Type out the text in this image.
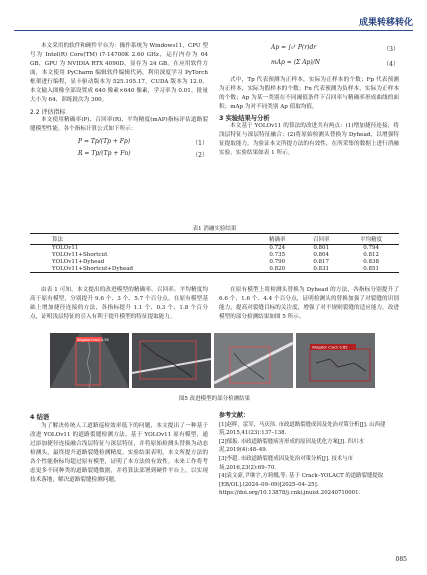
成果转移转化

本文采用的软件和硬件平台为：操作系统为 Windows11，CPU 型号为 Intel(R) Core(TM) i7-14700K 2.60 GHz，运行内存为 64 GB，GPU 为 NVIDIA RTX 4090D，显存为 24 GB。在应用软件方面，本文使用 PyCharm 编辑软件编辑代码，利用深度学习 PyTorch 框架进行编程，显卡驱动版本为 525.105.17，CUDA 版本为 12.0。本文输入图像全部设置成 640 像素×640 像素，学习率为 0.01，批量大小为 64，训练批次为 300。

2.2 评估指标

本文使用精确率(P)、召回率(R)、平均精度(mAP)指标评估道路裂缝模型性能。各个指标计算公式如下所示：

P = Tp/(Tp + Fp)	（1）
R = Tp/(Tp + Fn)	（2）
Ap = ∫₀¹ P(r)dr	（3）
mAp = (Σ Ap)/N	（4）

式中，Tp 代表预测为正样本，实际为正样本的个数；Fp 代表预测为正样本，实际为假样本的个数；Fn 代表预测为负样本，实际为正样本的个数；Ap 为某一类别在不同阈值条件下召回率与精确率形成曲线的面积；mAp 为对不同类别 Ap 值取均值。

3 实验结果与分析

本文基于 YOLOv11 的算法的改进共有两点：(1)增加捷径连接，将浅层特征与深层特征融合；(2)将原始检测头替换为 Dyhead，以增强特征提取能力。为验证本文所提方法的有效性，在所采集的数据上进行消融实验。实验结果如表 1 所示。

表1 消融实验结果
算法	精确率	召回率	平均精度
YOLOv11	0.724	0.801	0.794
YOLOv11+Shortcut	0.735	0.804	0.812
YOLOv11+Dyhead	0.790	0.817	0.838
YOLOv11+Shortcut+Dyhead	0.820	0.831	0.851

由表 1 可知，本文提出的改进模型的精确率、召回率、平均精度均高于原有模型，分别提升 9.6 个、3 个、5.7 个百分点。在原有模型基础上增加捷径连接的方法，各指标提升 1.1 个、0.3 个、1.8 个百分点，证明浅层特征的引入有利于提升模型的特征提取能力。

在原有模型上将检测头替换为 Dyhead 的方法，各指标分别提升了 6.6 个、1.6 个、4.4 个百分点，证明检测头的替换加强了对裂缝的识别能力，提高对裂缝目标的关注度，增强了对不规则裂缝的适应能力。改进模型的部分检测结果如图 5 所示。

AlligatorCrack 0.58
Alligator Crack 0.85
图5 改进模型的部分检测结果

4 结语

为了解决传统人工道路巡检效率低下的问题，本文提出了一种基于改进 YOLOv11 的道路裂缝检测方法。基于 YOLOv11 原有模型，通过添加捷径连接融合浅层特征与深层特征，并将原始检测头替换为动态检测头，最终提升道路裂缝检测精度。实验结果表明，本文所提方法的各个性能指标均超过原有模型，证明了本方法的有效性。未来工作将考虑更多不同种类的道路裂缝数据，并将算法部署到硬件平台上，以实现技术落地，解决道路裂缝检测问题。

参考文献：

[1]赵晖，雷军，马庆伟. 市政道路裂缝成因及处治对策分析[J]. 山西建筑,2015,41(23):137–138.

[2]郁振. 市政道路裂缝病害形成的原因及优化方案[J]. 四川水泥,2019(4):48–49.

[3]李超. 市政道路裂缝成因及处治对策分析[J]. 技术与市场,2016,23(2):69–70.

[4]袁文豪,尹继宇,方莉娜,等. 基于 Crack–YOLACT 的道路裂缝提取[EB/OL].(2024–09–09)[2025–04–25]. https://doi.org/10.13878/j.cnki.jnuist.20240710001.

085
